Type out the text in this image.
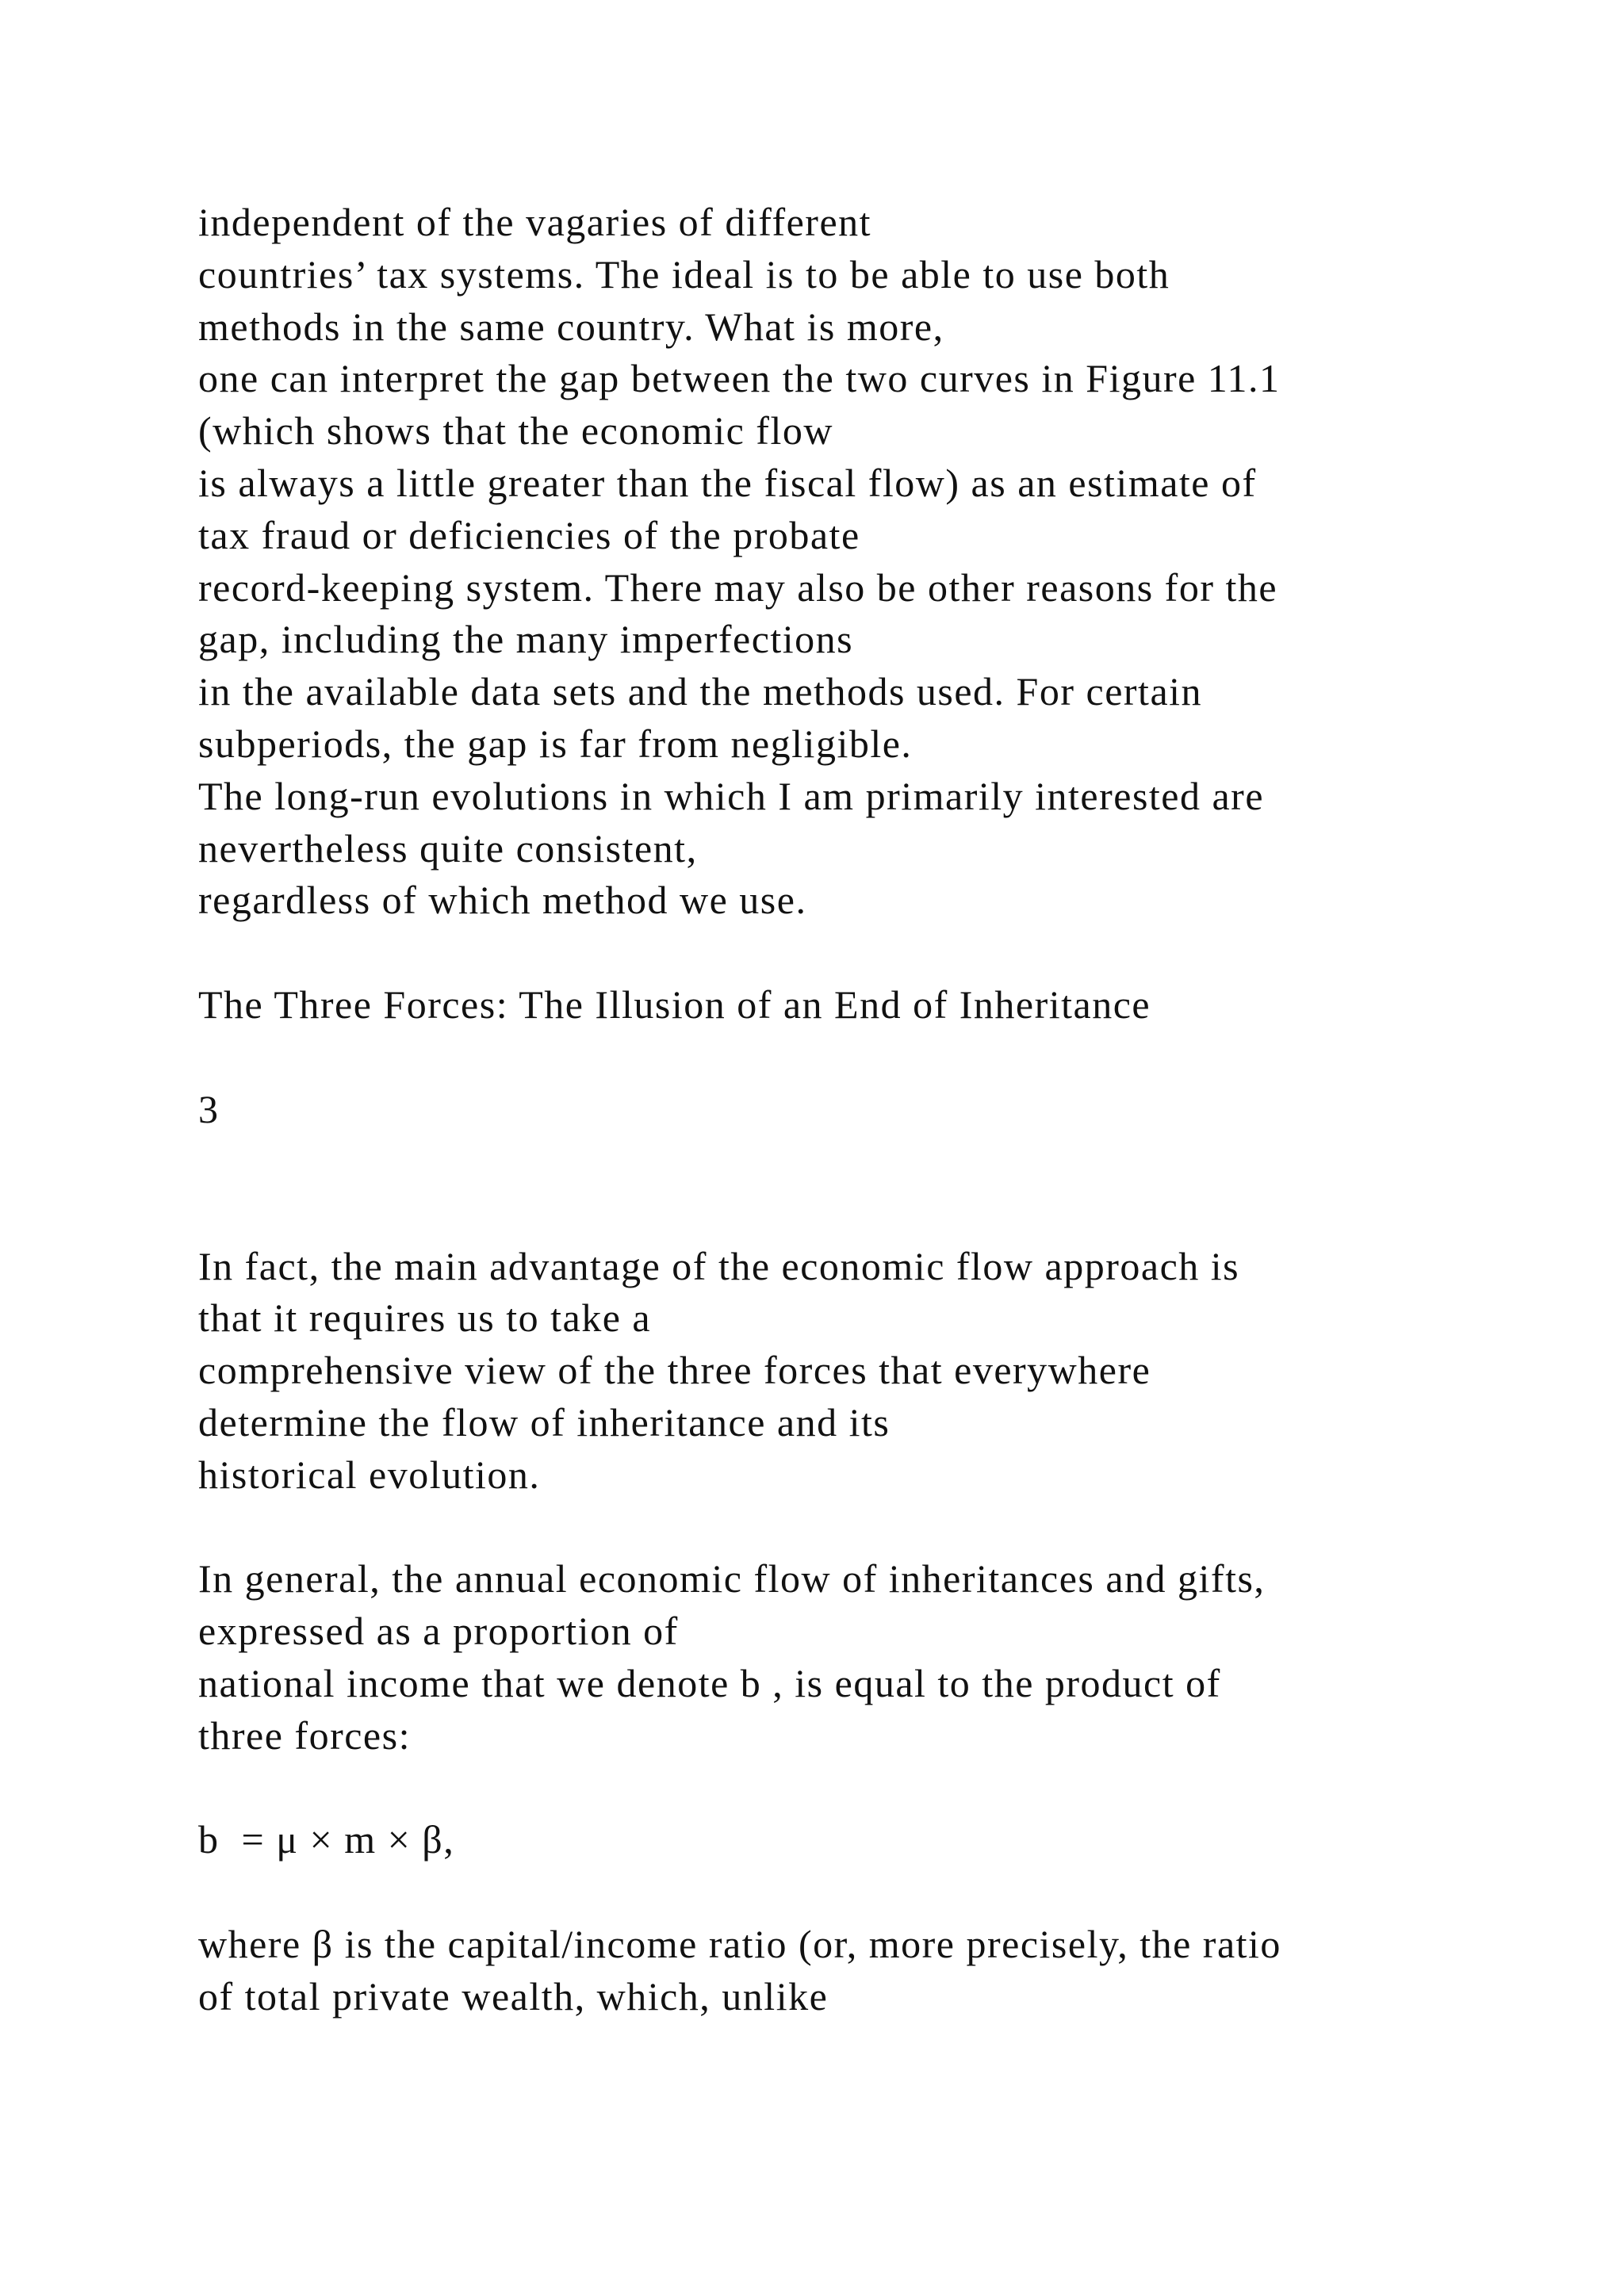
independent of the vagaries of different
countries’ tax systems. The ideal is to be able to use both
methods in the same country. What is more,
one can interpret the gap between the two curves in Figure 11.1
(which shows that the economic flow
is always a little greater than the fiscal flow) as an estimate of
tax fraud or deficiencies of the probate
record-keeping system. There may also be other reasons for the
gap, including the many imperfections
in the available data sets and the methods used. For certain
subperiods, the gap is far from negligible.
The long-run evolutions in which I am primarily interested are
nevertheless quite consistent,
regardless of which method we use.
The Three Forces: The Illusion of an End of Inheritance
3
In fact, the main advantage of the economic flow approach is
that it requires us to take a
comprehensive view of the three forces that everywhere
determine the flow of inheritance and its
historical evolution.
In general, the annual economic flow of inheritances and gifts,
expressed as a proportion of
national income that we denote b , is equal to the product of
three forces:
b  = μ × m × β,
where β is the capital/income ratio (or, more precisely, the ratio
of total private wealth, which, unlike
